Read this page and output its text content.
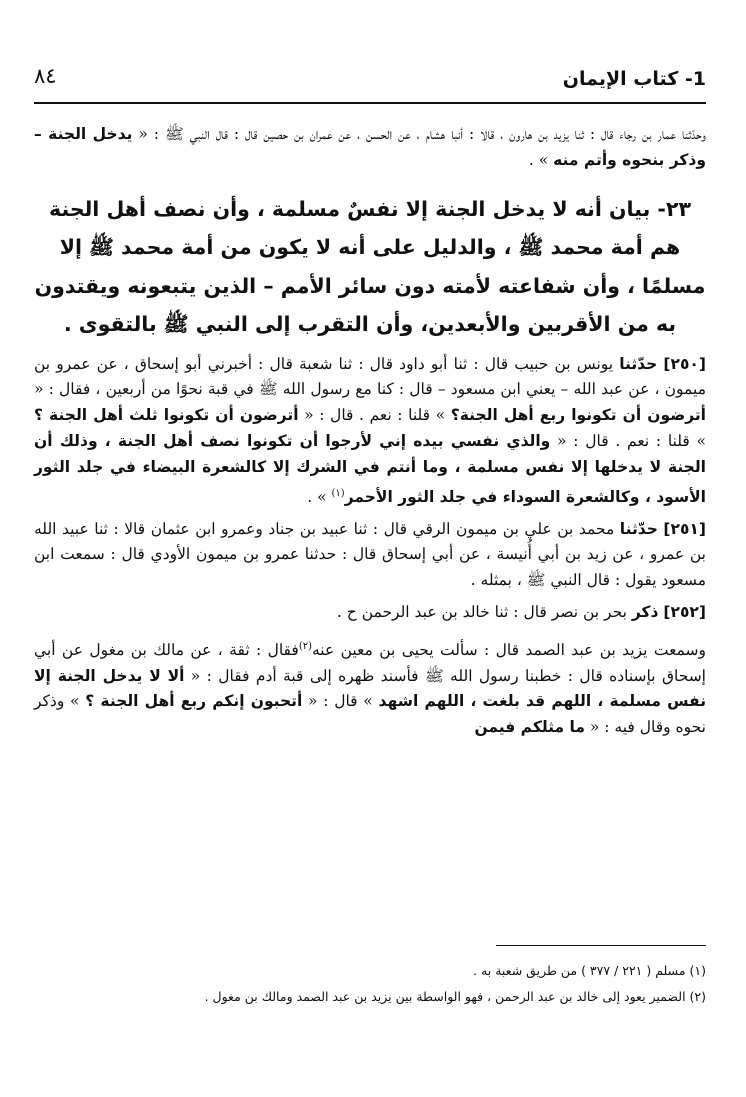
1- كتاب الإيمان
٨٤

وحدّثنا عمار بن رجاء قال : ثنا يزيد بن هارون ، قالا : أنبا هشام ، عن الحسن ، عن عمران بن حصين قال : قال النبي ﷺ : « يدخل الجنة – وذكر بنحوه وأتم منه » .

٢٣- بيان أنه لا يدخل الجنة إلا نفسٌ مسلمة ، وأن نصف أهل الجنة هم أمة محمد ﷺ ، والدليل على أنه لا يكون من أمة محمد ﷺ إلا مسلمًا ، وأن شفاعته لأمته دون سائر الأمم – الذين يتبعونه ويقتدون به من الأقربين والأبعدين، وأن التقرب إلى النبي ﷺ بالتقوى .

[٢٥٠] حدّثنا يونس بن حبيب قال : ثنا أبو داود قال : ثنا شعبة قال : أخبرني أبو إسحاق ، عن عمرو بن ميمون ، عن عبد الله – يعني ابن مسعود – قال : كنا مع رسول الله ﷺ في قبة نحوًا من أربعين ، فقال : « أترضون أن تكونوا ربع أهل الجنة؟ » قلنا : نعم . قال : « أترضون أن تكونوا ثلث أهل الجنة ؟ » قلنا : نعم . قال : « والذي نفسي بيده إني لأرجوا أن تكونوا نصف أهل الجنة ، وذلك أن الجنة لا يدخلها إلا نفس مسلمة ، وما أنتم في الشرك إلا كالشعرة البيضاء في جلد الثور الأسود ، وكالشعرة السوداء في جلد الثور الأحمر$^{(١)}$ » .

[٢٥١] حدّثنا محمد بن علي بن ميمون الرقي قال : ثنا عبيد بن جناد وعمرو ابن عثمان قالا : ثنا عبيد الله بن عمرو ، عن زيد بن أبي أُنيسة ، عن أبي إسحاق قال : حدثنا عمرو بن ميمون الأودي قال : سمعت ابن مسعود يقول : قال النبي ﷺ ، بمثله .

[٢٥٢] ذكر بحر بن نصر قال : ثنا خالد بن عبد الرحمن ح .

وسمعت يزيد بن عبد الصمد قال : سألت يحيى بن معين عنه$^{(٢)}$فقال : ثقة ، عن مالك بن مغول عن أبي إسحاق بإسناده قال : خطبنا رسول الله ﷺ فأسند ظهره إلى قبة أدم فقال : « ألا لا يدخل الجنة إلا نفس مسلمة ، اللهم قد بلغت ، اللهم اشهد » قال : « أتحبون إنكم ربع أهل الجنة ؟ » وذكر نحوه وقال فيه : « ما مثلكم فيمن

(١) مسلم ( ٢٢١ / ٣٧٧ ) من طريق شعبة به .

(٢) الضمير يعود إلى خالد بن عبد الرحمن ، فهو الواسطة بين يزيد بن عبد الصمد ومالك بن مغول .
